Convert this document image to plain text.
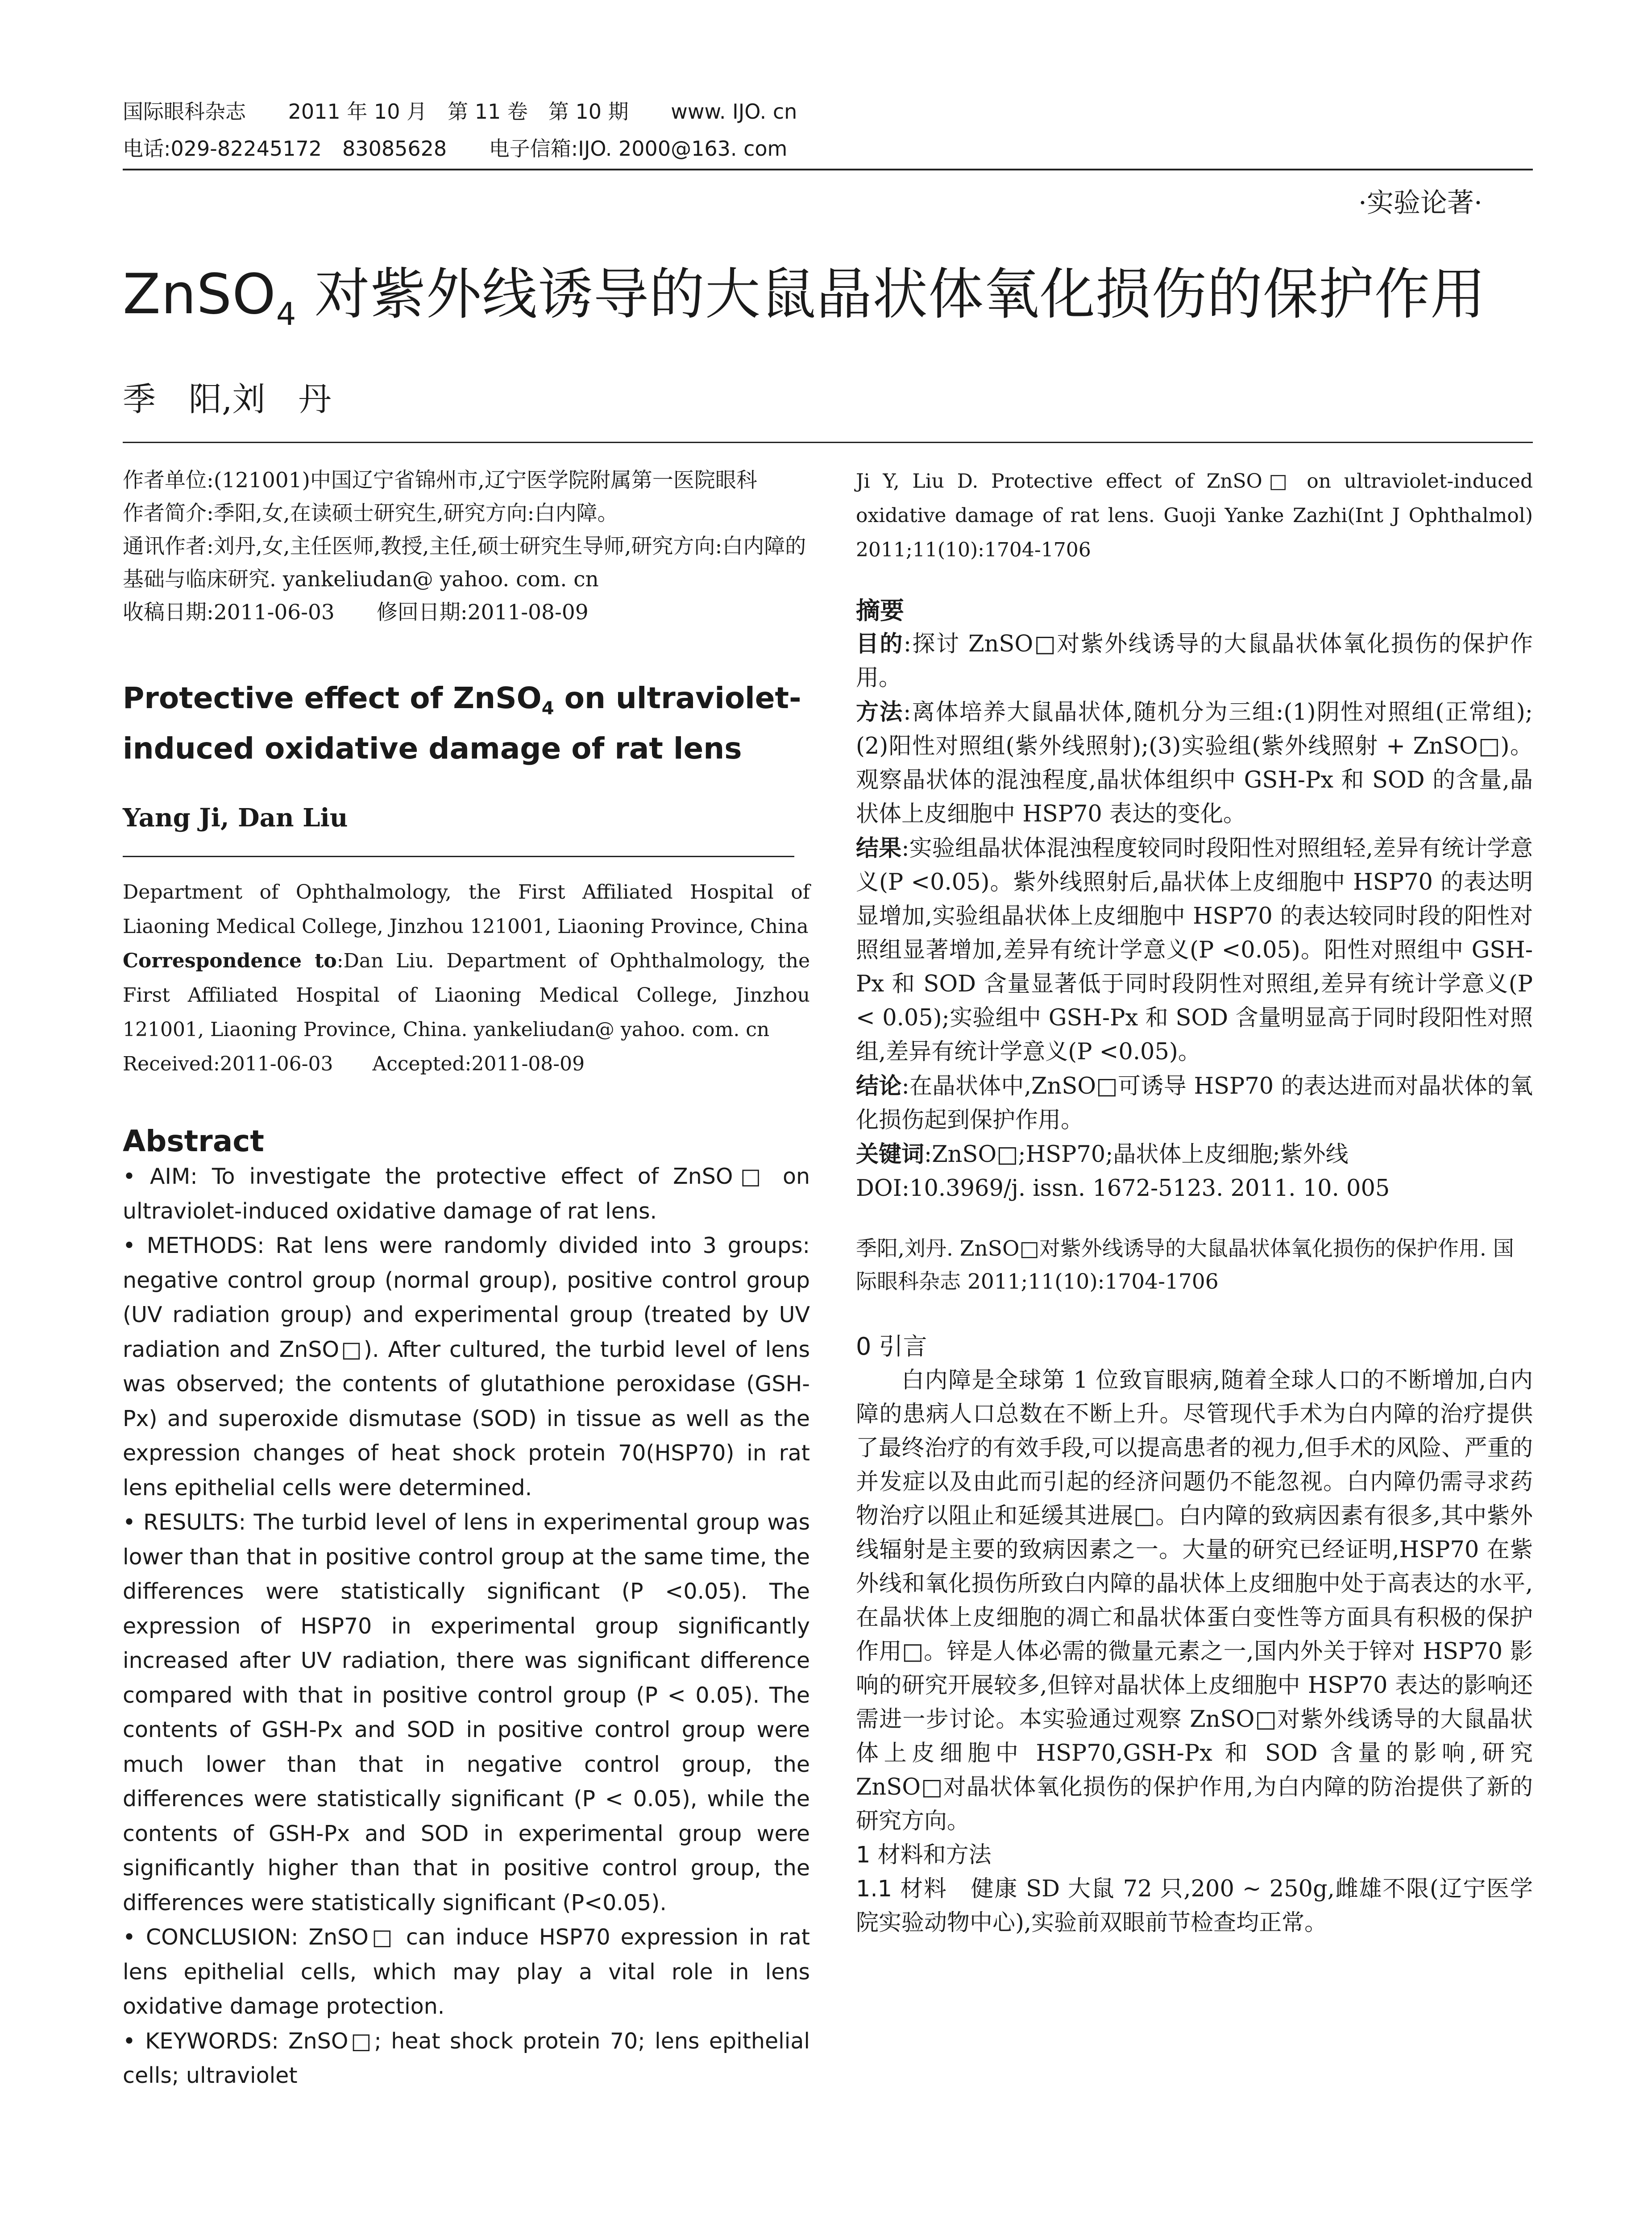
国际眼科杂志 2011 年 10 月　第 11 卷　第 10 期 www. IJO. cn
电话:029-82245172　83085628 电子信箱:IJO. 2000@163. com
·实验论著·
ZnSO$_4$ 对紫外线诱导的大鼠晶状体氧化损伤的保护作用
季　阳,刘　丹

作者单位:(121001)中国辽宁省锦州市,辽宁医学院附属第一医院眼科

作者简介:季阳,女,在读硕士研究生,研究方向:白内障。

通讯作者:刘丹,女,主任医师,教授,主任,硕士研究生导师,研究方向:白内障的基础与临床研究. yankeliudan@ yahoo. com. cn

收稿日期:2011-06-03　　修回日期:2011-08-09

Protective effect of ZnSO$_4$ on ultraviolet-induced oxidative damage of rat lens
Yang Ji, Dan Liu

Department of Ophthalmology, the First Affiliated Hospital of Liaoning Medical College, Jinzhou 121001, Liaoning Province, China

Correspondence to:Dan Liu. Department of Ophthalmology, the First Affiliated Hospital of Liaoning Medical College, Jinzhou 121001, Liaoning Province, China. yankeliudan@ yahoo. com. cn

Received:2011-06-03　　Accepted:2011-08-09

Abstract

• AIM: To investigate the protective effect of ZnSO□ on ultraviolet-induced oxidative damage of rat lens.

• METHODS: Rat lens were randomly divided into 3 groups: negative control group (normal group), positive control group (UV radiation group) and experimental group (treated by UV radiation and ZnSO□). After cultured, the turbid level of lens was observed; the contents of glutathione peroxidase (GSH-Px) and superoxide dismutase (SOD) in tissue as well as the expression changes of heat shock protein 70(HSP70) in rat lens epithelial cells were determined.

• RESULTS: The turbid level of lens in experimental group was lower than that in positive control group at the same time, the differences were statistically significant (P <0.05). The expression of HSP70 in experimental group significantly increased after UV radiation, there was significant difference compared with that in positive control group (P < 0.05). The contents of GSH-Px and SOD in positive control group were much lower than that in negative control group, the differences were statistically significant (P < 0.05), while the contents of GSH-Px and SOD in experimental group were significantly higher than that in positive control group, the differences were statistically significant (P<0.05).

• CONCLUSION: ZnSO□ can induce HSP70 expression in rat lens epithelial cells, which may play a vital role in lens oxidative damage protection.

• KEYWORDS: ZnSO□; heat shock protein 70; lens epithelial cells; ultraviolet

Ji Y, Liu D. Protective effect of ZnSO□ on ultraviolet-induced oxidative damage of rat lens. Guoji Yanke Zazhi(Int J Ophthalmol) 2011;11(10):1704-1706

摘要

目的:探讨 ZnSO□对紫外线诱导的大鼠晶状体氧化损伤的保护作用。

方法:离体培养大鼠晶状体,随机分为三组:(1)阴性对照组(正常组);(2)阳性对照组(紫外线照射);(3)实验组(紫外线照射 + ZnSO□)。观察晶状体的混浊程度,晶状体组织中 GSH-Px 和 SOD 的含量,晶状体上皮细胞中 HSP70 表达的变化。

结果:实验组晶状体混浊程度较同时段阳性对照组轻,差异有统计学意义(P <0.05)。紫外线照射后,晶状体上皮细胞中 HSP70 的表达明显增加,实验组晶状体上皮细胞中 HSP70 的表达较同时段的阳性对照组显著增加,差异有统计学意义(P <0.05)。阳性对照组中 GSH-Px 和 SOD 含量显著低于同时段阴性对照组,差异有统计学意义(P < 0.05);实验组中 GSH-Px 和 SOD 含量明显高于同时段阳性对照组,差异有统计学意义(P <0.05)。

结论:在晶状体中,ZnSO□可诱导 HSP70 的表达进而对晶状体的氧化损伤起到保护作用。

关键词:ZnSO□;HSP70;晶状体上皮细胞;紫外线

DOI:10.3969/j. issn. 1672-5123. 2011. 10. 005

季阳,刘丹. ZnSO□对紫外线诱导的大鼠晶状体氧化损伤的保护作用. 国际眼科杂志 2011;11(10):1704-1706

0 引言

白内障是全球第 1 位致盲眼病,随着全球人口的不断增加,白内障的患病人口总数在不断上升。尽管现代手术为白内障的治疗提供了最终治疗的有效手段,可以提高患者的视力,但手术的风险、严重的并发症以及由此而引起的经济问题仍不能忽视。白内障仍需寻求药物治疗以阻止和延缓其进展□。白内障的致病因素有很多,其中紫外线辐射是主要的致病因素之一。大量的研究已经证明,HSP70 在紫外线和氧化损伤所致白内障的晶状体上皮细胞中处于高表达的水平,在晶状体上皮细胞的凋亡和晶状体蛋白变性等方面具有积极的保护作用□。锌是人体必需的微量元素之一,国内外关于锌对 HSP70 影响的研究开展较多,但锌对晶状体上皮细胞中 HSP70 表达的影响还需进一步讨论。本实验通过观察 ZnSO□对紫外线诱导的大鼠晶状体上皮细胞中 HSP70,GSH-Px 和 SOD 含量的影响,研究 ZnSO□对晶状体氧化损伤的保护作用,为白内障的防治提供了新的研究方向。

1 材料和方法

1.1 材料　健康 SD 大鼠 72 只,200 ~ 250g,雌雄不限(辽宁医学院实验动物中心),实验前双眼前节检查均正常。
